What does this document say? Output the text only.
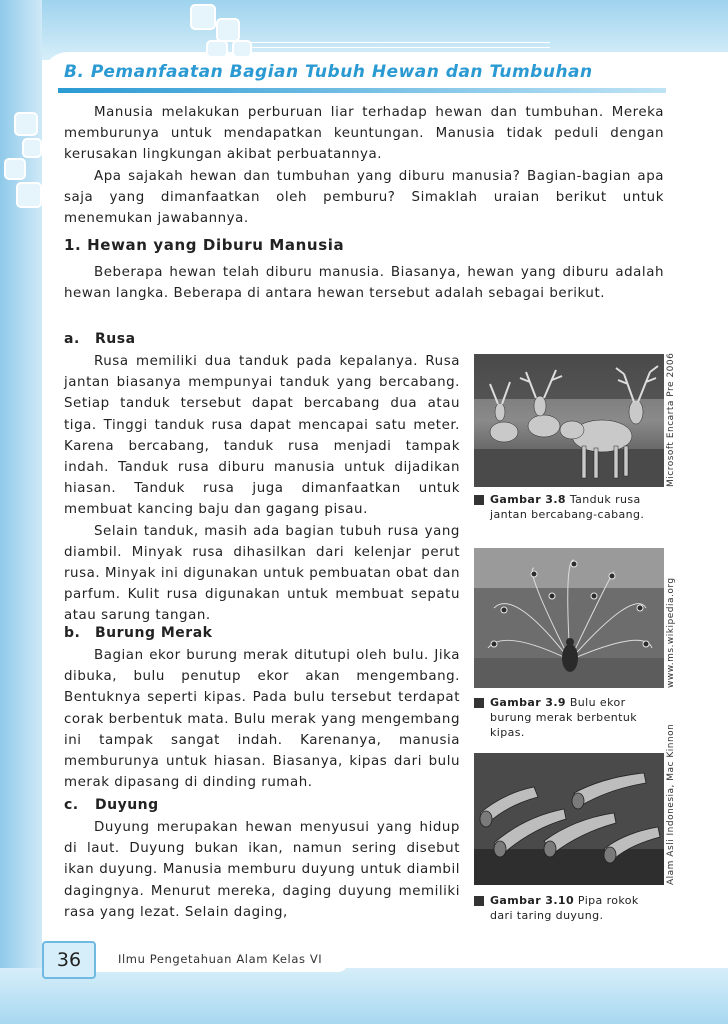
B. Pemanfaatan Bagian Tubuh Hewan dan Tumbuhan

Manusia melakukan perburuan liar terhadap hewan dan tumbuhan. Mereka memburunya untuk mendapatkan keuntungan. Manusia tidak peduli dengan kerusakan lingkungan akibat perbuatannya.

Apa sajakah hewan dan tumbuhan yang diburu manusia? Bagian-bagian apa saja yang dimanfaatkan oleh pemburu? Simaklah uraian berikut untuk menemukan jawabannya.

1. Hewan yang Diburu Manusia

Beberapa hewan telah diburu manusia. Biasanya, hewan yang diburu adalah hewan langka. Beberapa di antara hewan tersebut adalah sebagai berikut.

a. Rusa

Rusa memiliki dua tanduk pada kepalanya. Rusa jantan biasanya mempunyai tanduk yang bercabang. Setiap tanduk tersebut dapat bercabang dua atau tiga. Tinggi tanduk rusa dapat mencapai satu meter. Karena bercabang, tanduk rusa menjadi tampak indah. Tanduk rusa diburu manusia untuk dijadikan hiasan. Tanduk rusa juga dimanfaatkan untuk membuat kancing baju dan gagang pisau.

Selain tanduk, masih ada bagian tubuh rusa yang diambil. Minyak rusa dihasilkan dari kelenjar perut rusa. Minyak ini digunakan untuk pembuatan obat dan parfum. Kulit rusa digunakan untuk membuat sepatu atau sarung tangan.

b. Burung Merak

Bagian ekor burung merak ditutupi oleh bulu. Jika dibuka, bulu penutup ekor akan mengembang. Bentuknya seperti kipas. Pada bulu tersebut terdapat corak berbentuk mata. Bulu merak yang mengembang ini tampak sangat indah. Karenanya, manusia memburunya untuk hiasan. Biasanya, kipas dari bulu merak dipasang di dinding rumah.

c. Duyung

Duyung merupakan hewan menyusui yang hidup di laut. Duyung bukan ikan, namun sering disebut ikan duyung. Manusia memburu duyung untuk diambil dagingnya. Menurut mereka, daging duyung memiliki rasa yang lezat. Selain daging,

Microsoft Encarta Pre 2006
Gambar 3.8 Tanduk rusa jantan bercabang-cabang.
www.ms.wikipedia.org
Gambar 3.9 Bulu ekor burung merak berbentuk kipas.	Alam Asli Indonesia, Mac Kinnon
Gambar 3.10 Pipa rokok dari taring duyung.
36	Ilmu Pengetahuan Alam Kelas VI
